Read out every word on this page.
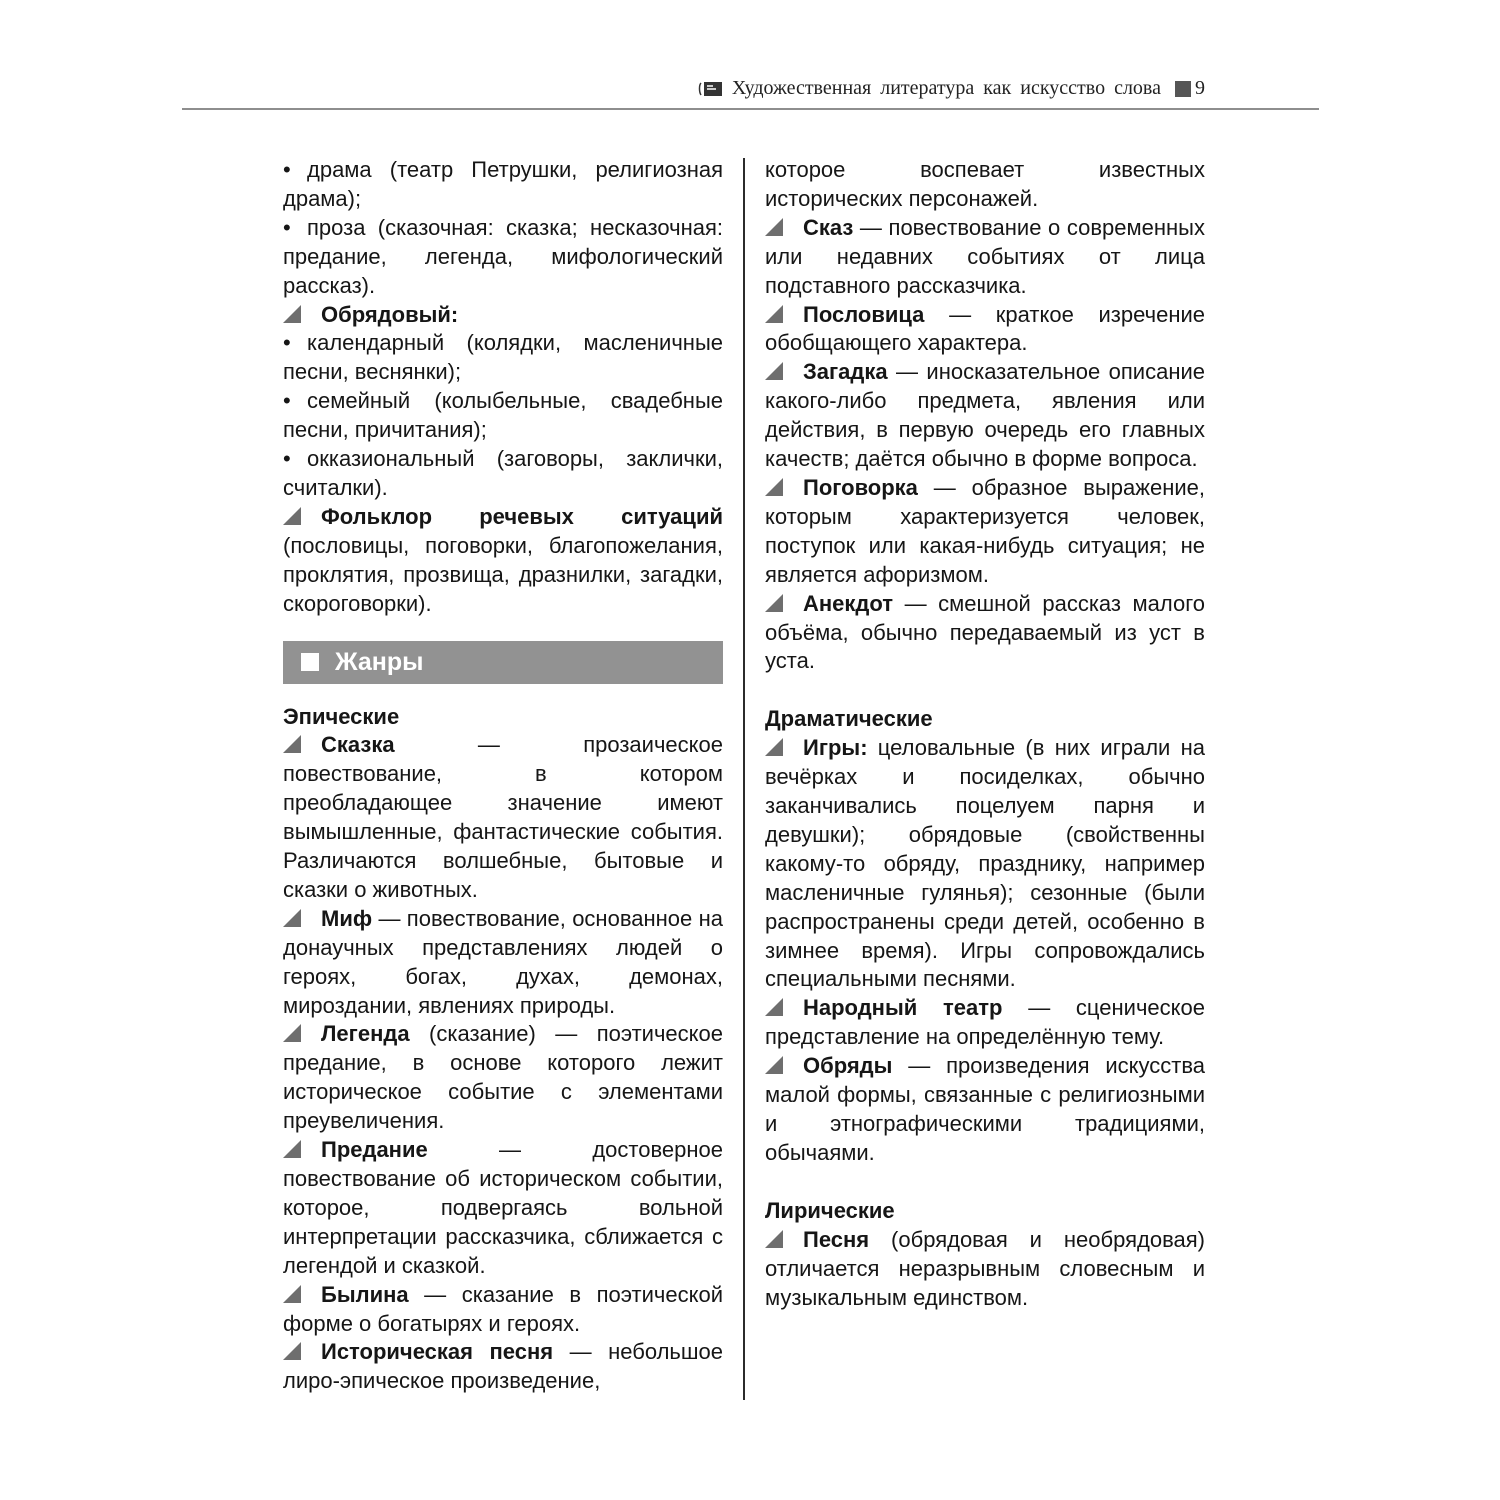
Художественная литература как искусство слова 9

• драма (театр Петрушки, религиозная драма);

• проза (сказочная: сказка; несказочная: предание, легенда, мифологический рассказ).

Обрядовый:

• календарный (колядки, масленичные песни, веснянки);

• семейный (колыбельные, свадебные песни, причитания);

• окказиональный (заговоры, заклички, считалки).

Фольклор речевых ситуаций (пословицы, поговорки, благопожелания, проклятия, прозвища, дразнилки, загадки, скороговорки).

Жанры

Эпические

Сказка — прозаическое повествование, в котором преобладающее значение имеют вымышленные, фантастические события. Различаются волшебные, бытовые и сказки о животных.

Миф — повествование, основанное на донаучных представлениях людей о героях, богах, духах, демонах, мироздании, явлениях природы.

Легенда (сказание) — поэтическое предание, в основе которого лежит историческое событие с элементами преувеличения.

Предание — достоверное повествование об историческом событии, которое, подвергаясь вольной интерпретации рассказчика, сближается с легендой и сказкой.

Былина — сказание в поэтической форме о богатырях и героях.

Историческая песня — небольшое лиро-эпическое произведение,

которое воспевает известных исторических персонажей.

Сказ — повествование о современных или недавних событиях от лица подставного рассказчика.

Пословица — краткое изречение обобщающего характера.

Загадка — иносказательное описание какого-либо предмета, явления или действия, в первую очередь его главных качеств; даётся обычно в форме вопроса.

Поговорка — образное выражение, которым характеризуется человек, поступок или какая-нибудь ситуация; не является афоризмом.

Анекдот — смешной рассказ малого объёма, обычно передаваемый из уст в уста.

Драматические

Игры: целовальные (в них играли на вечёрках и посиделках, обычно заканчивались поцелуем парня и девушки); обрядовые (свойственны какому-то обряду, празднику, например масленичные гулянья); сезонные (были распространены среди детей, особенно в зимнее время). Игры сопровождались специальными песнями.

Народный театр — сценическое представление на определённую тему.

Обряды — произведения искусства малой формы, связанные с религиозными и этнографическими традициями, обычаями.

Лирические

Песня (обрядовая и необрядовая) отличается неразрывным словесным и музыкальным единством.
